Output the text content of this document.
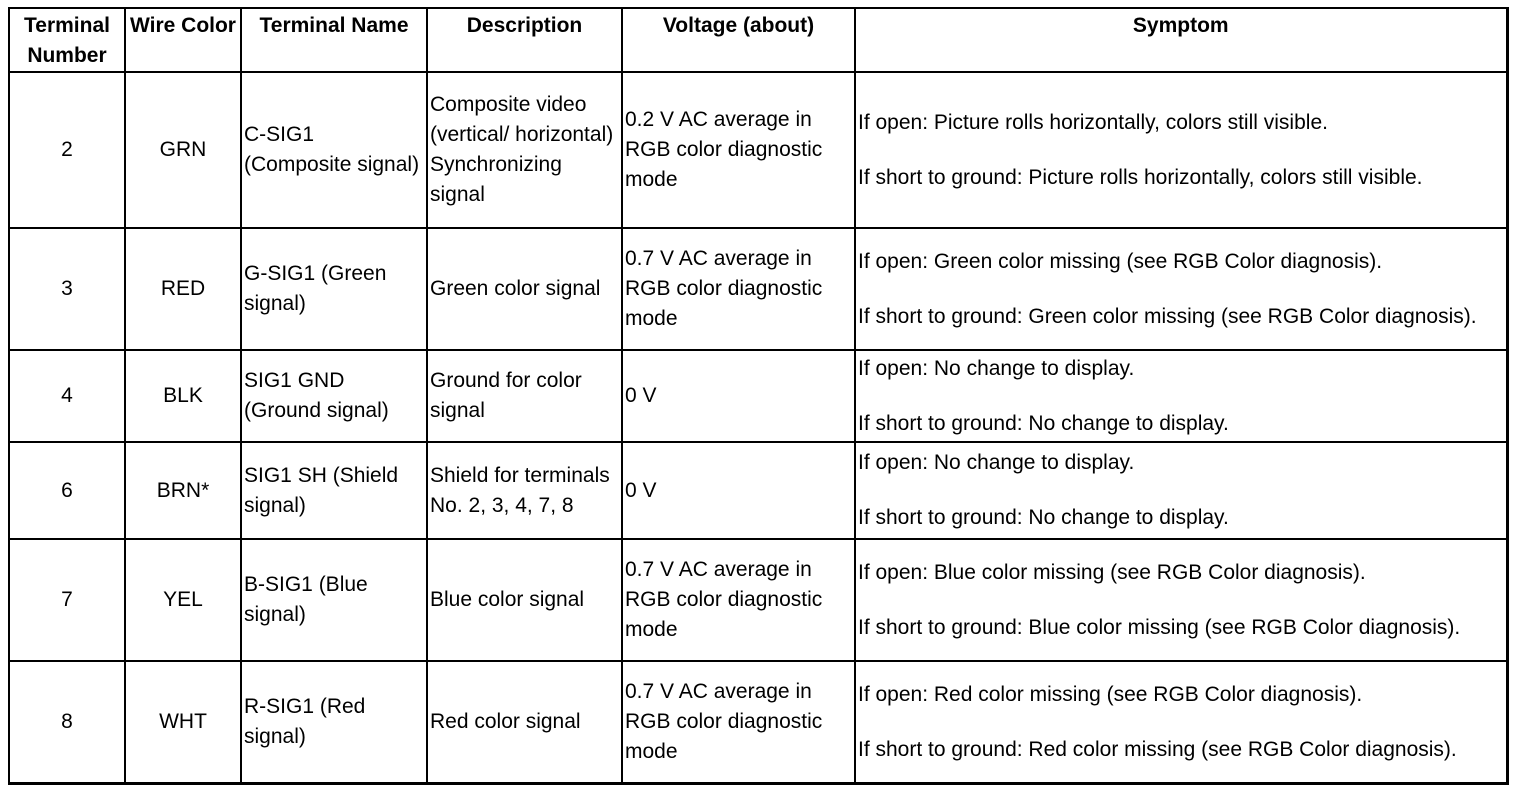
Terminal Number	Wire Color	Terminal Name	Description	Voltage (about)	Symptom
2	GRN	C-SIG1 (Composite signal)	Composite video (vertical/ horizontal) Synchronizing signal	0.2 V AC average in RGB color diagnostic mode	If open: Picture rolls horizontally, colors still visible.

If short to ground: Picture rolls horizontally, colors still visible.

3	RED	G-SIG1 (Green signal)	Green color signal	0.7 V AC average in RGB color diagnostic mode	If open: Green color missing (see RGB Color diagnosis).

If short to ground: Green color missing (see RGB Color diagnosis).

4	BLK	SIG1 GND (Ground signal)	Ground for color signal	0 V	If open: No change to display.

If short to ground: No change to display.

6	BRN*	SIG1 SH (Shield signal)	Shield for terminals No. 2, 3, 4, 7, 8	0 V	If open: No change to display.

If short to ground: No change to display.

7	YEL	B-SIG1 (Blue signal)	Blue color signal	0.7 V AC average in RGB color diagnostic mode	If open: Blue color missing (see RGB Color diagnosis).

If short to ground: Blue color missing (see RGB Color diagnosis).

8	WHT	R-SIG1 (Red signal)	Red color signal	0.7 V AC average in RGB color diagnostic mode	If open: Red color missing (see RGB Color diagnosis).

If short to ground: Red color missing (see RGB Color diagnosis).
